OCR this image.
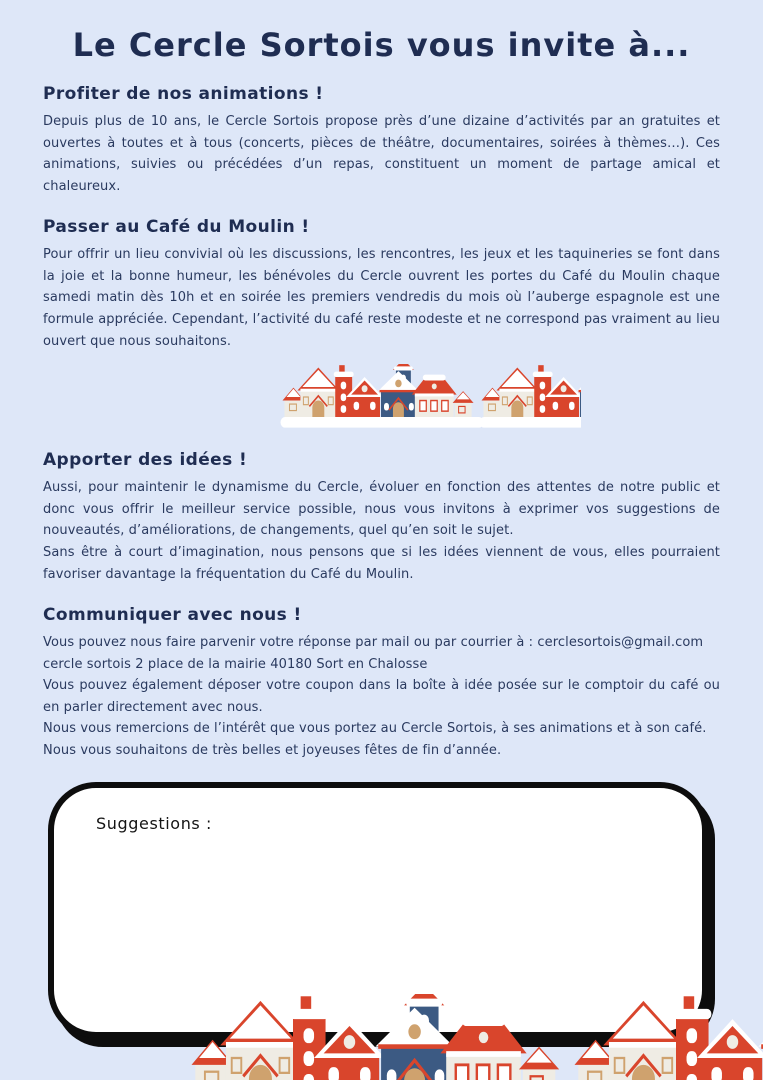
Le Cercle Sortois vous invite à...
Profiter de nos animations !

Depuis plus de 10 ans, le Cercle Sortois propose près d’une dizaine d’activités par an gratuites et ouvertes à toutes et à tous (concerts, pièces de théâtre, documentaires, soirées à thèmes…). Ces animations, suivies ou précédées d’un repas, constituent un moment de partage amical et chaleureux.

Passer au Café du Moulin !

Pour offrir un lieu convivial où les discussions, les rencontres, les jeux et les taquineries se font dans la joie et la bonne humeur, les bénévoles du Cercle ouvrent les portes du Café du Moulin chaque samedi matin dès 10h et en soirée les premiers vendredis du mois où l’auberge espagnole est une formule appréciée. Cependant, l’activité du café reste modeste et ne correspond pas vraiment au lieu ouvert que nous souhaitons.

Apporter des idées !

Aussi, pour maintenir le dynamisme du Cercle, évoluer en fonction des attentes de notre public et donc vous offrir le meilleur service possible, nous vous invitons à exprimer vos suggestions de nouveautés, d’améliorations, de changements, quel qu’en soit le sujet.

Sans être à court d’imagination, nous pensons que si les idées viennent de vous, elles pourraient favoriser davantage la fréquentation du Café du Moulin.

Communiquer avec nous !

Vous pouvez nous faire parvenir votre réponse par mail ou par courrier à : cerclesortois@gmail.com

cercle sortois 2 place de la mairie 40180 Sort en Chalosse

Vous pouvez également déposer votre coupon dans la boîte à idée posée sur le comptoir du café ou en parler directement avec nous.

Nous vous remercions de l’intérêt que vous portez au Cercle Sortois, à ses animations et à son café.

Nous vous souhaitons de très belles et joyeuses fêtes de fin d’année.

Suggestions :
